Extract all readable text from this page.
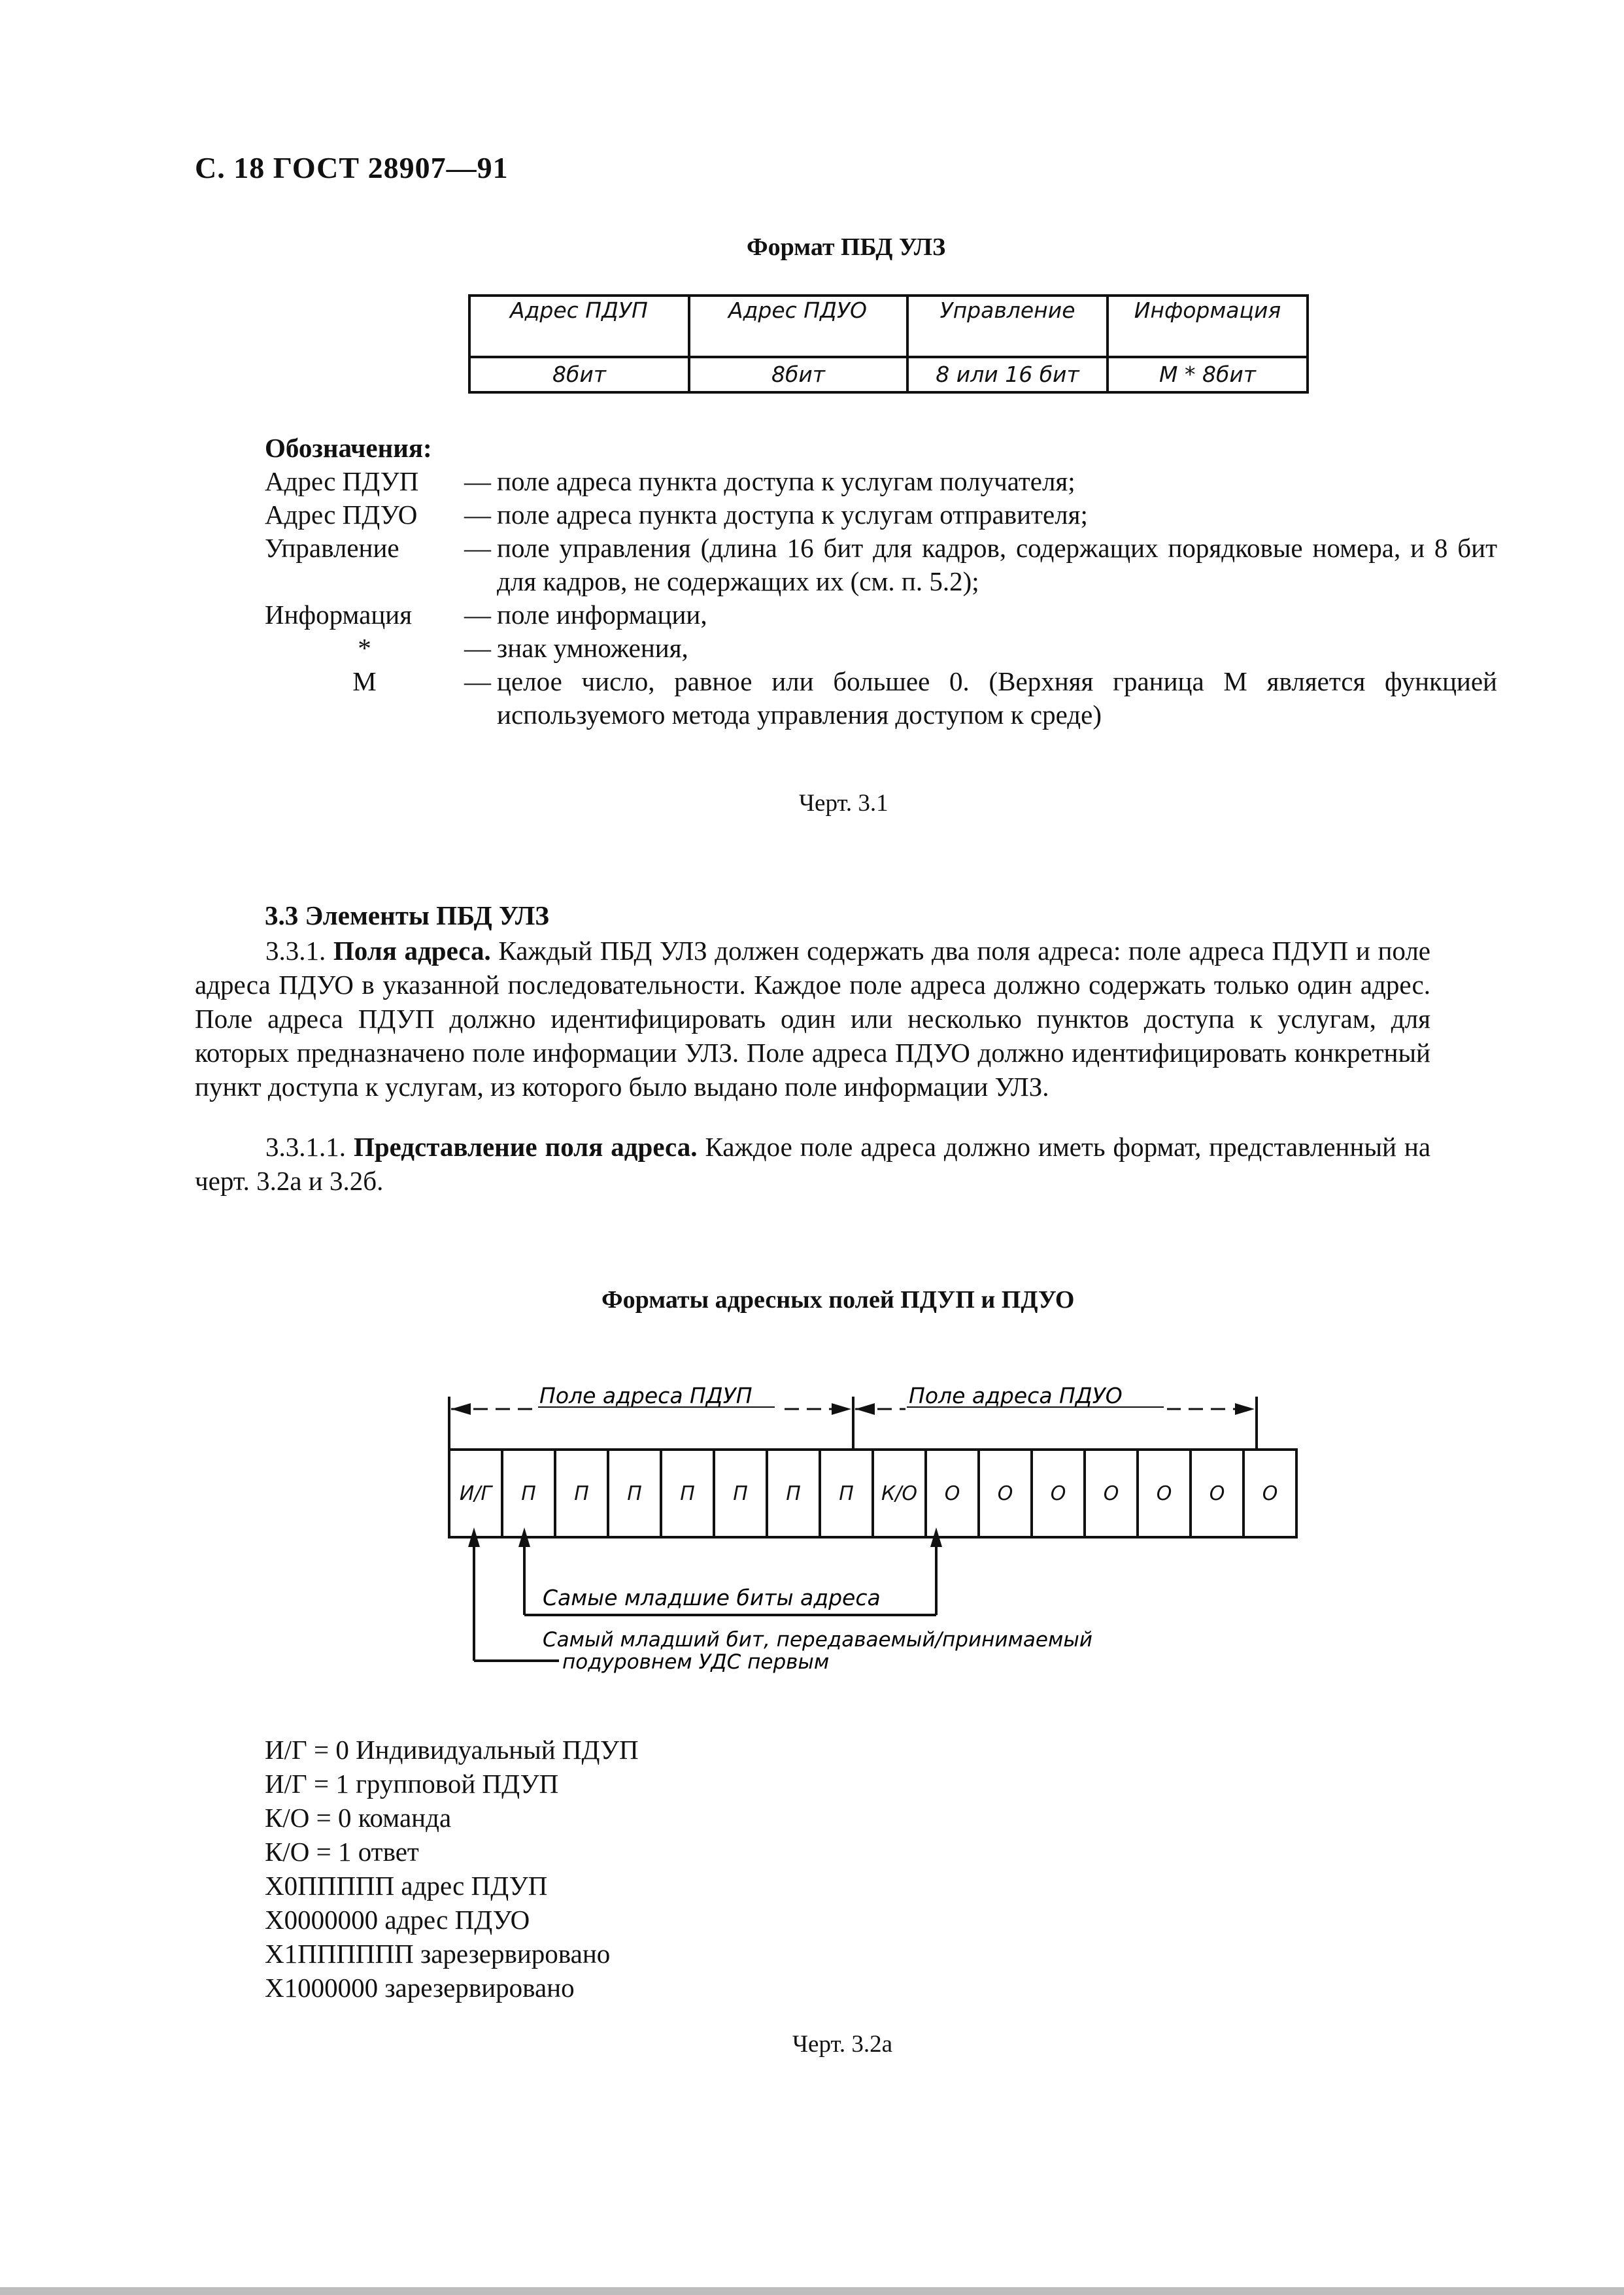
С. 18 ГОСТ 28907—91
Формат ПБД УЛЗ
Адрес ПДУП	Адрес ПДУО	Управление	Информация
8бит	8бит	8 или 16 бит	M * 8бит
Обозначения:
Адрес ПДУП	— поле адреса пункта доступа к услугам получателя;
Адрес ПДУО	— поле адреса пункта доступа к услугам отправителя;
Управление	— поле управления (длина 16 бит для кадров, содержащих порядковые номера, и 8 бит для кадров, не содержащих их (см. п. 5.2);
Информация	— поле информации,
*	— знак умножения,
M	— целое число, равное или большее 0. (Верхняя граница M является функцией используемого метода управления доступом к среде)
Черт. 3.1
3.3 Элементы ПБД УЛЗ
3.3.1. Поля адреса. Каждый ПБД УЛЗ должен содержать два поля адреса: поле адреса ПДУП и поле адреса ПДУО в указанной последовательности. Каждое поле адреса должно содержать только один адрес. Поле адреса ПДУП должно идентифицировать один или несколько пунктов доступа к услугам, для которых предназначено поле информации УЛЗ. Поле адреса ПДУО должно идентифицировать конкретный пункт доступа к услугам, из которого было выдано поле информации УЛЗ.
3.3.1.1. Представление поля адреса. Каждое поле адреса должно иметь формат, представленный на черт. 3.2а и 3.2б.
Форматы адресных полей ПДУП и ПДУО
Поле адреса ПДУП	Поле адреса ПДУО
Самые младшие биты адреса
Самый младший бит, передаваемый/принимаемый
подуровнем УДС первым
И/Г	П	П	П	П	П	П	П	К/О	О	О	О	О	О	О	О
И/Г = 0 Индивидуальный ПДУП
И/Г = 1 групповой ПДУП
К/О = 0 команда
К/О = 1 ответ
Х0ППППП адрес ПДУП
Х0000000 адрес ПДУО
Х1ПППППП зарезервировано
Х1000000 зарезервировано
Черт. 3.2а
